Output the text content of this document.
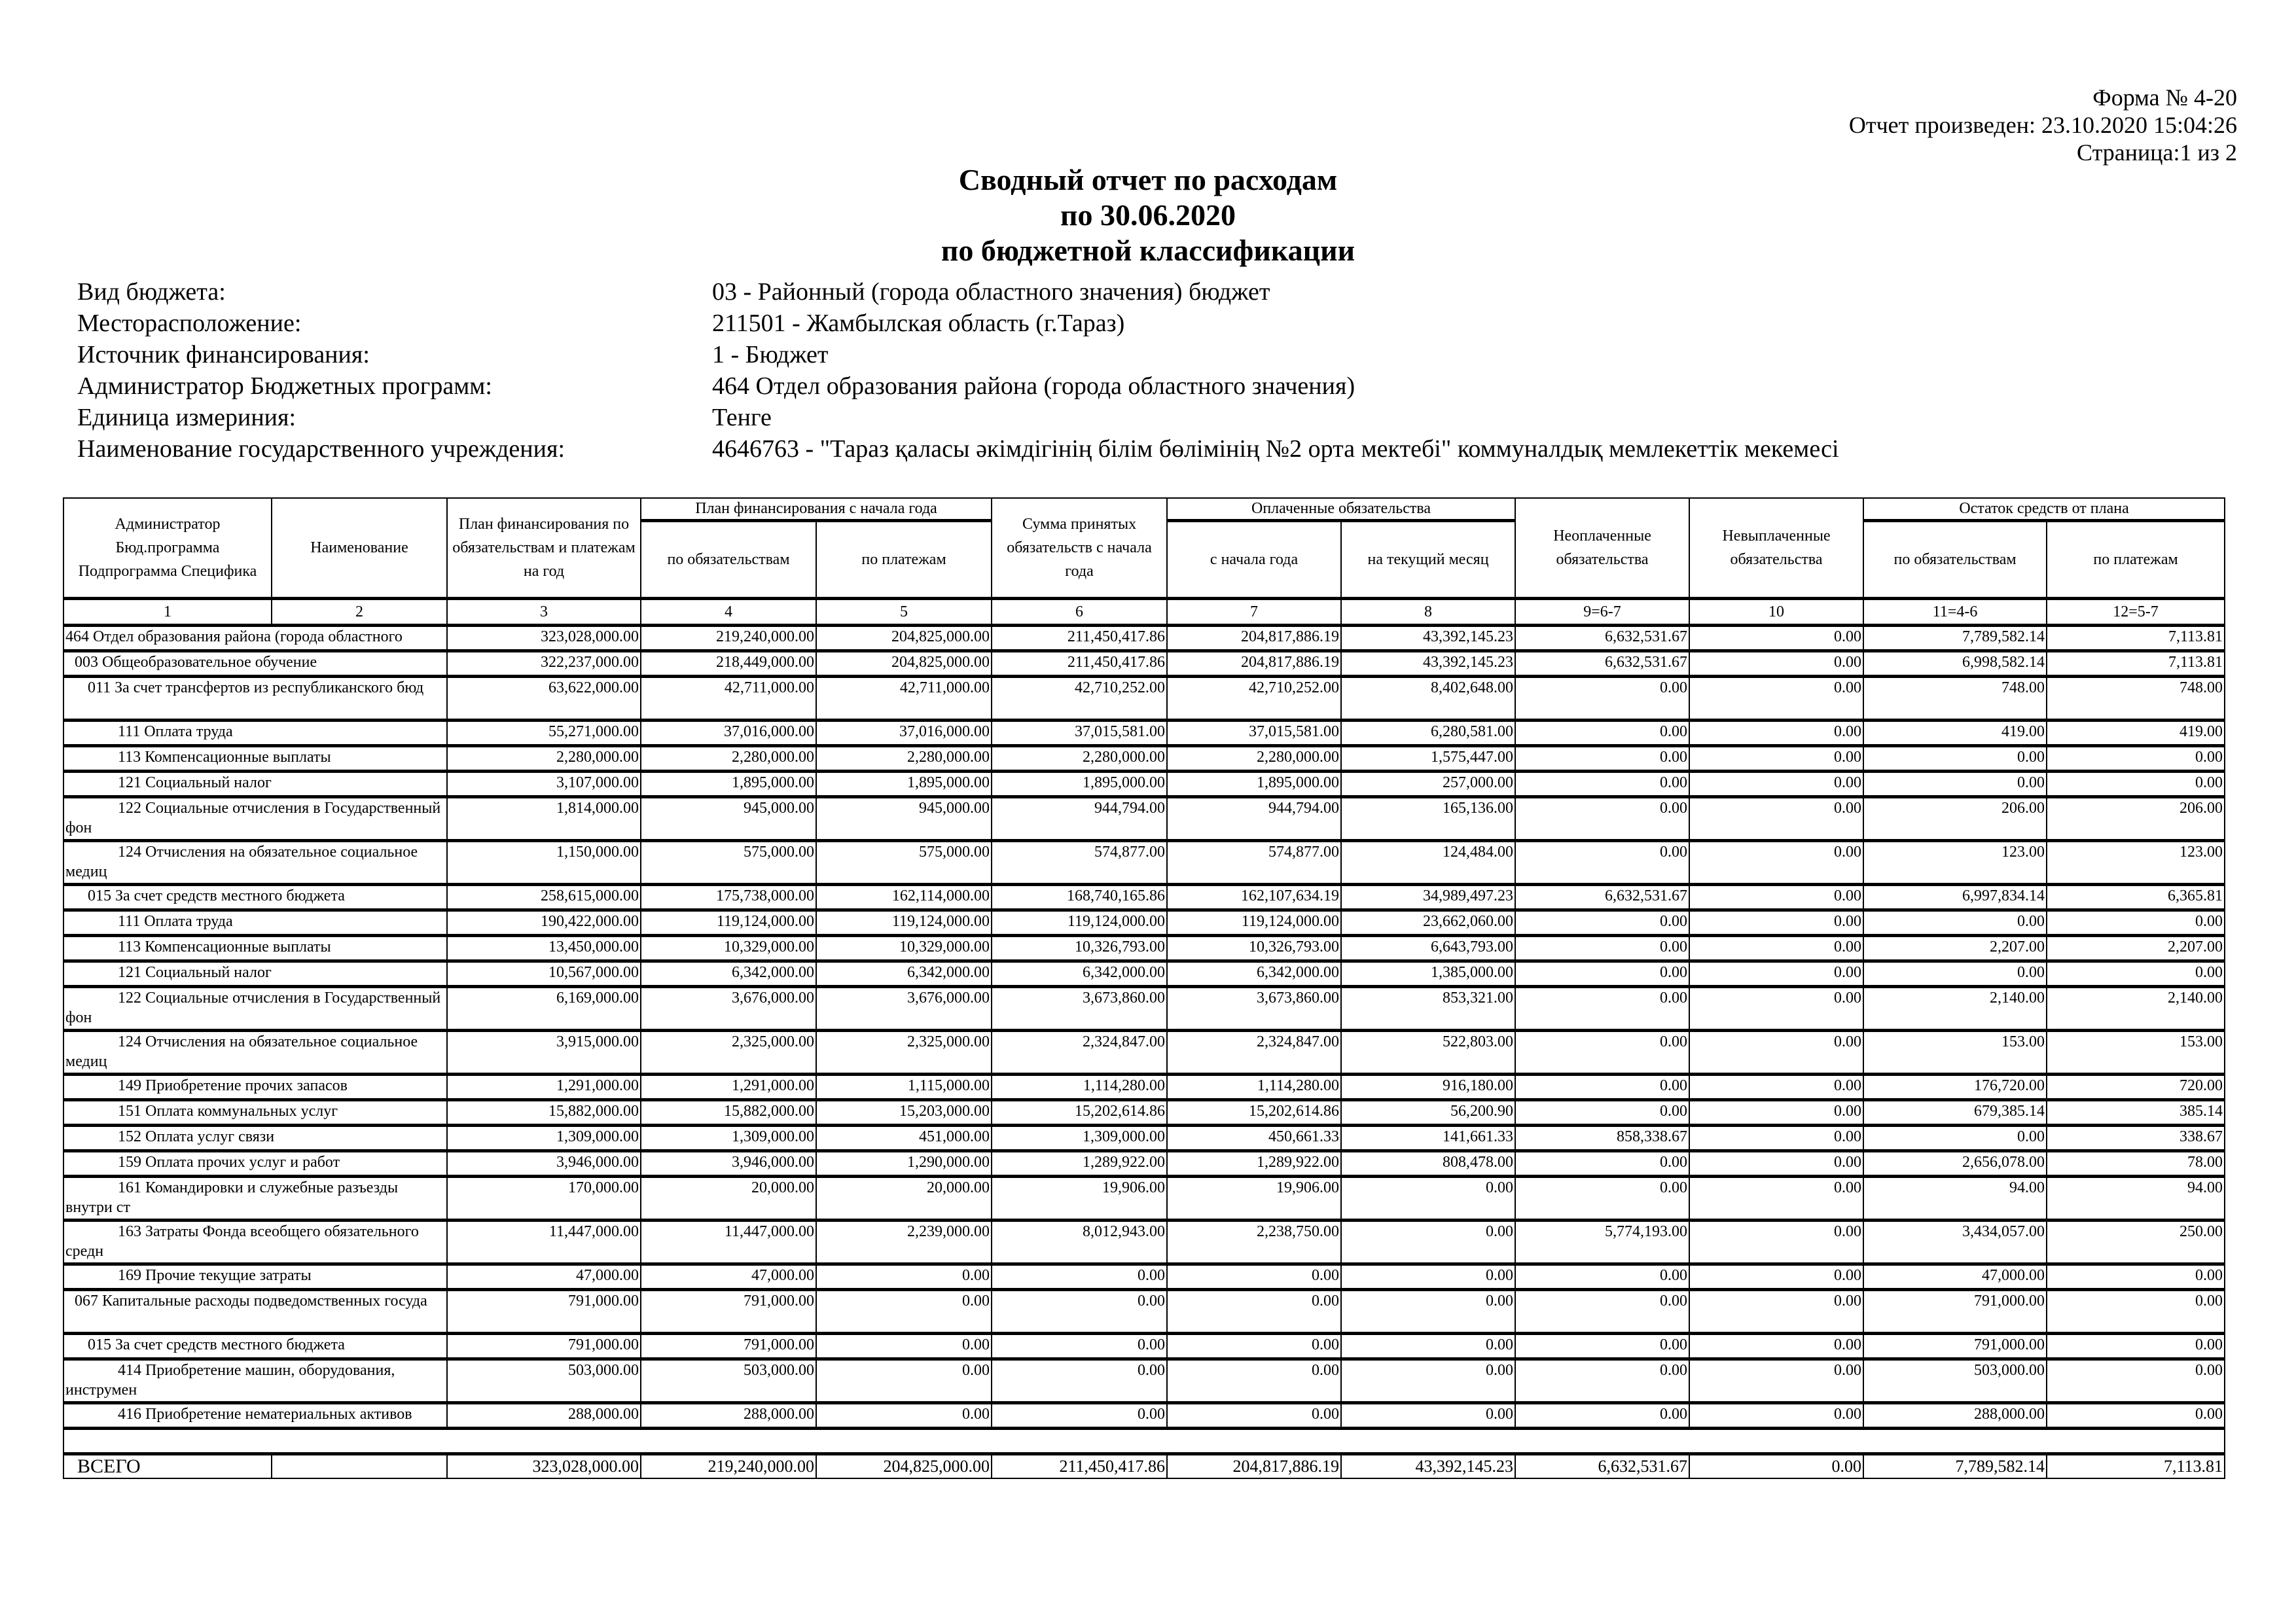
Форма № 4-20
Отчет произведен: 23.10.2020 15:04:26
Страница:1 из 2
Сводный отчет по расходам
по 30.06.2020
по бюджетной классификации
Вид бюджета:	03 - Районный (города областного значения) бюджет
Месторасположение:	211501 - Жамбылская область (г.Тараз)
Источник финансирования:	1 - Бюджет
Администратор Бюджетных программ:	464 Отдел образования района (города областного значения)
Единица измериния:	Тенге
Наименование государственного учреждения:	4646763 - "Тараз қаласы әкімдігінің білім бөлімінің №2 орта мектебі" коммуналдық мемлекеттік мекемесі
Администратор Бюд.программа Подпрограмма Специфика	Наименование	План финансирования по обязательствам и платежам на год	План финансирования с начала года		Сумма принятых обязательств с начала года	Оплаченные обязательства		Неоплаченные обязательства	Невыплаченные обязательства	Остаток средств от плана	
			по обязательствам	по платежам		с начала года	на текущий месяц			по обязательствам	по платежам
1	2	3	4	5	6	7	8	9=6-7	10	11=4-6	12=5-7
464 Отдел образования района (города областного		323,028,000.00	219,240,000.00	204,825,000.00	211,450,417.86	204,817,886.19	43,392,145.23	6,632,531.67	0.00	7,789,582.14	7,113.81
003 Общеобразовательное обучение		322,237,000.00	218,449,000.00	204,825,000.00	211,450,417.86	204,817,886.19	43,392,145.23	6,632,531.67	0.00	6,998,582.14	7,113.81
011 За счет трансфертов из республиканского бюд		63,622,000.00	42,711,000.00	42,711,000.00	42,710,252.00	42,710,252.00	8,402,648.00	0.00	0.00	748.00	748.00
111 Оплата труда		55,271,000.00	37,016,000.00	37,016,000.00	37,015,581.00	37,015,581.00	6,280,581.00	0.00	0.00	419.00	419.00
113 Компенсационные выплаты		2,280,000.00	2,280,000.00	2,280,000.00	2,280,000.00	2,280,000.00	1,575,447.00	0.00	0.00	0.00	0.00
121 Социальный налог		3,107,000.00	1,895,000.00	1,895,000.00	1,895,000.00	1,895,000.00	257,000.00	0.00	0.00	0.00	0.00
122 Социальные отчисления в Государственный фон		1,814,000.00	945,000.00	945,000.00	944,794.00	944,794.00	165,136.00	0.00	0.00	206.00	206.00
124 Отчисления на обязательное социальное медиц		1,150,000.00	575,000.00	575,000.00	574,877.00	574,877.00	124,484.00	0.00	0.00	123.00	123.00
015 За счет средств местного бюджета		258,615,000.00	175,738,000.00	162,114,000.00	168,740,165.86	162,107,634.19	34,989,497.23	6,632,531.67	0.00	6,997,834.14	6,365.81
111 Оплата труда		190,422,000.00	119,124,000.00	119,124,000.00	119,124,000.00	119,124,000.00	23,662,060.00	0.00	0.00	0.00	0.00
113 Компенсационные выплаты		13,450,000.00	10,329,000.00	10,329,000.00	10,326,793.00	10,326,793.00	6,643,793.00	0.00	0.00	2,207.00	2,207.00
121 Социальный налог		10,567,000.00	6,342,000.00	6,342,000.00	6,342,000.00	6,342,000.00	1,385,000.00	0.00	0.00	0.00	0.00
122 Социальные отчисления в Государственный фон		6,169,000.00	3,676,000.00	3,676,000.00	3,673,860.00	3,673,860.00	853,321.00	0.00	0.00	2,140.00	2,140.00
124 Отчисления на обязательное социальное медиц		3,915,000.00	2,325,000.00	2,325,000.00	2,324,847.00	2,324,847.00	522,803.00	0.00	0.00	153.00	153.00
149 Приобретение прочих запасов		1,291,000.00	1,291,000.00	1,115,000.00	1,114,280.00	1,114,280.00	916,180.00	0.00	0.00	176,720.00	720.00
151 Оплата коммунальных услуг		15,882,000.00	15,882,000.00	15,203,000.00	15,202,614.86	15,202,614.86	56,200.90	0.00	0.00	679,385.14	385.14
152 Оплата услуг связи		1,309,000.00	1,309,000.00	451,000.00	1,309,000.00	450,661.33	141,661.33	858,338.67	0.00	0.00	338.67
159 Оплата прочих услуг и работ		3,946,000.00	3,946,000.00	1,290,000.00	1,289,922.00	1,289,922.00	808,478.00	0.00	0.00	2,656,078.00	78.00
161 Командировки и служебные разъезды внутри ст		170,000.00	20,000.00	20,000.00	19,906.00	19,906.00	0.00	0.00	0.00	94.00	94.00
163 Затраты Фонда всеобщего обязательного средн		11,447,000.00	11,447,000.00	2,239,000.00	8,012,943.00	2,238,750.00	0.00	5,774,193.00	0.00	3,434,057.00	250.00
169 Прочие текущие затраты		47,000.00	47,000.00	0.00	0.00	0.00	0.00	0.00	0.00	47,000.00	0.00
067 Капитальные расходы подведомственных госуда		791,000.00	791,000.00	0.00	0.00	0.00	0.00	0.00	0.00	791,000.00	0.00
015 За счет средств местного бюджета		791,000.00	791,000.00	0.00	0.00	0.00	0.00	0.00	0.00	791,000.00	0.00
414 Приобретение машин, оборудования, инструмен		503,000.00	503,000.00	0.00	0.00	0.00	0.00	0.00	0.00	503,000.00	0.00
416 Приобретение нематериальных активов		288,000.00	288,000.00	0.00	0.00	0.00	0.00	0.00	0.00	288,000.00	0.00

ВСЕГО		323,028,000.00	219,240,000.00	204,825,000.00	211,450,417.86	204,817,886.19	43,392,145.23	6,632,531.67	0.00	7,789,582.14	7,113.81
